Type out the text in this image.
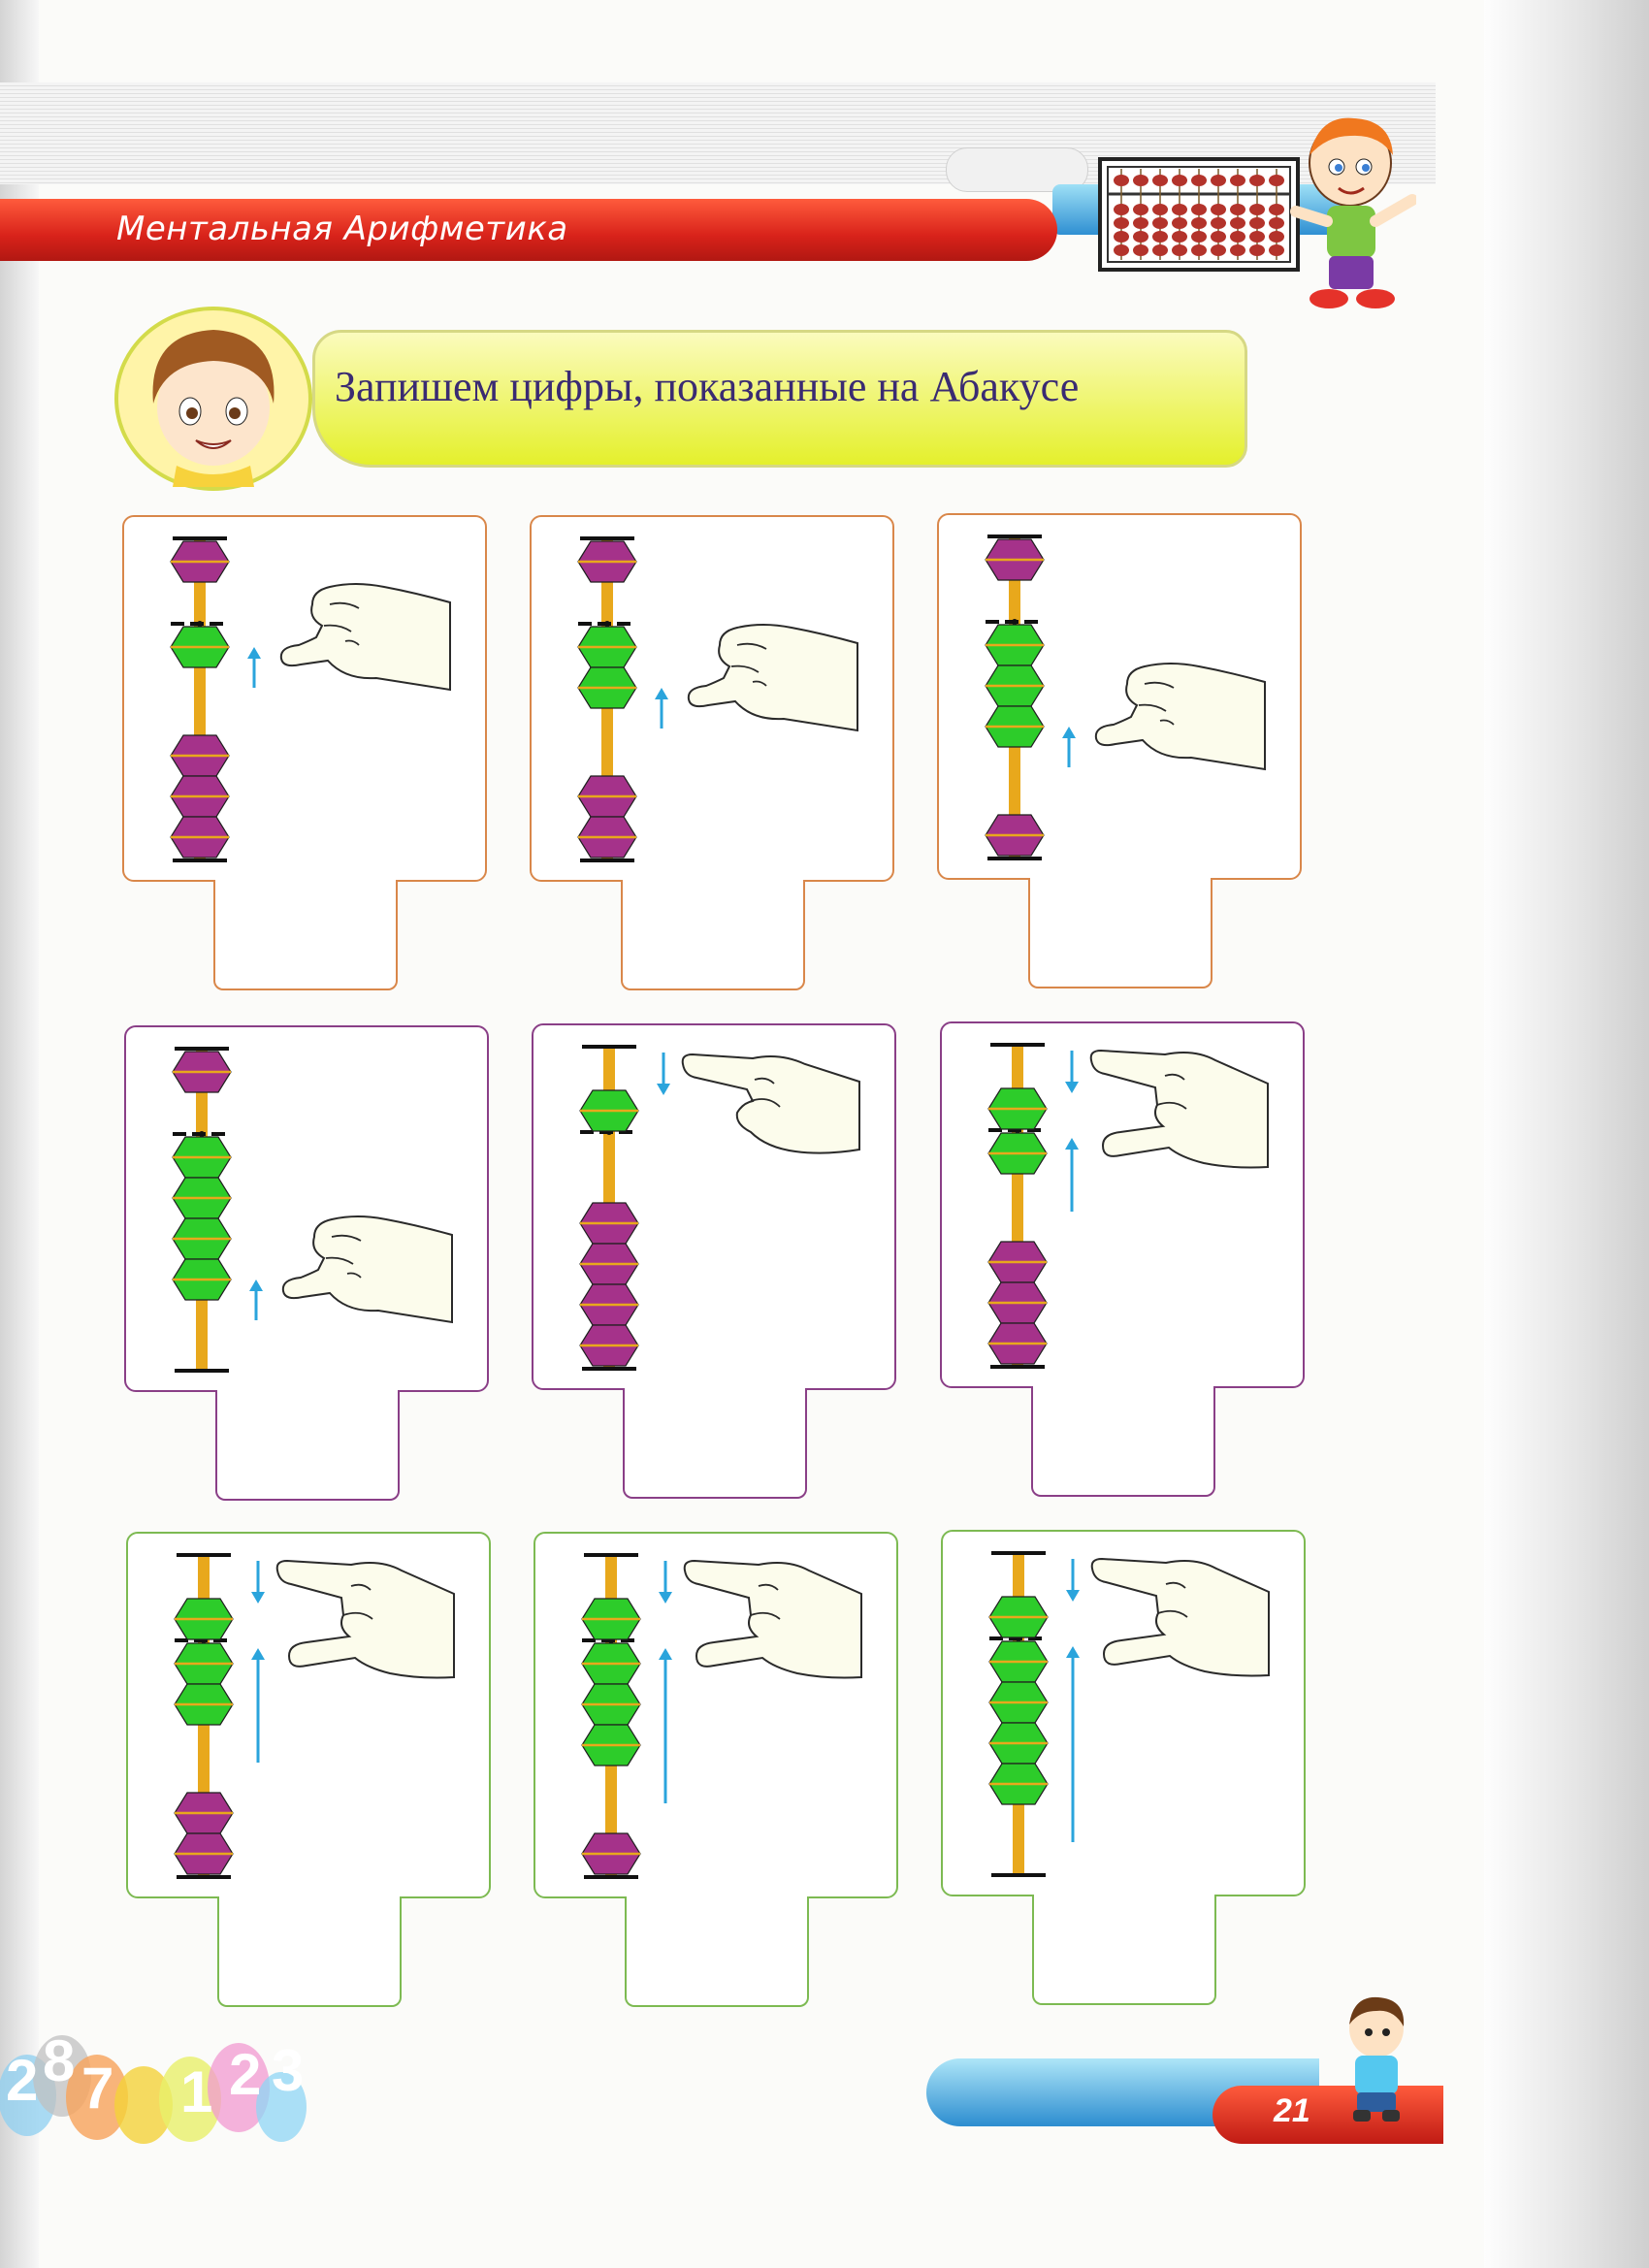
Ментальная Арифметика
Запишем цифры, показанные на Абакусе
2 8 7 1 2 3
21
